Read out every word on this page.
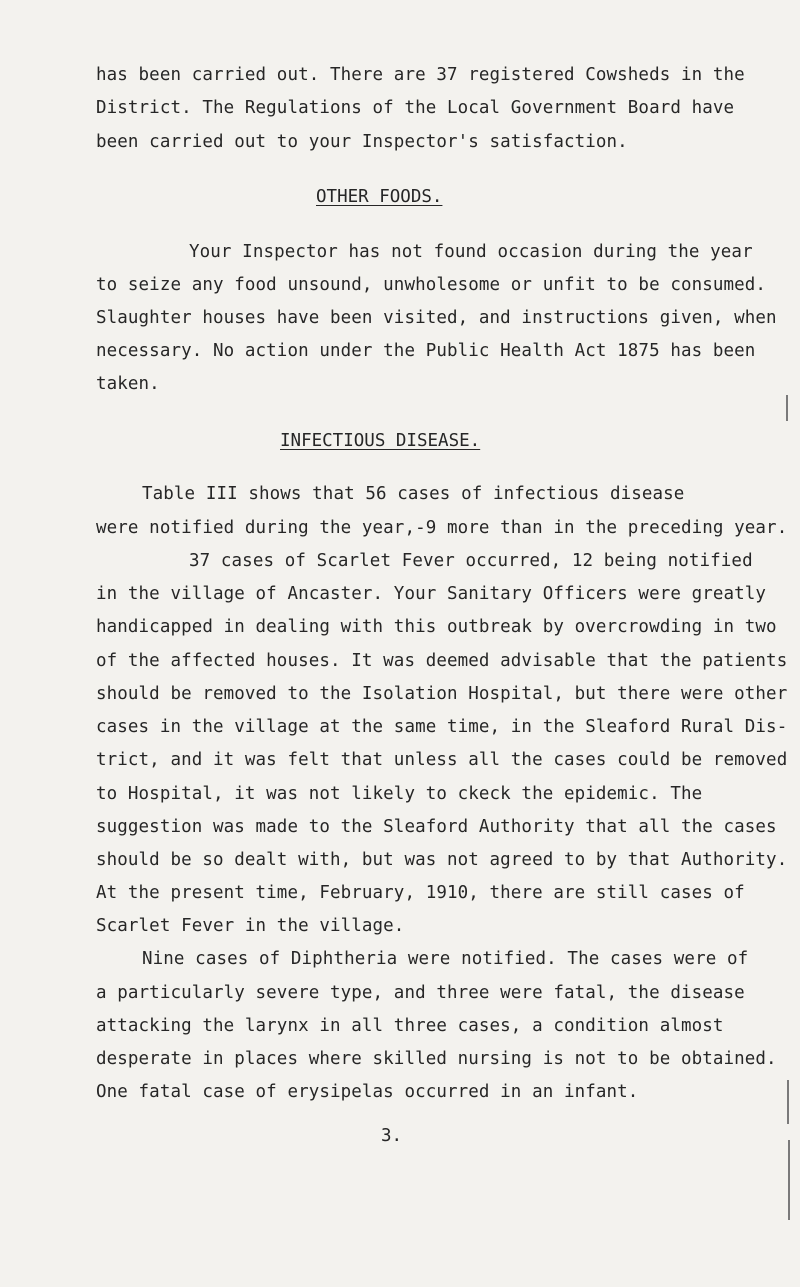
has been carried out. There are 37 registered Cowsheds in the
District. The Regulations of the Local Government Board have
been carried out to your Inspector's satisfaction.
OTHER FOODS.
Your Inspector has not found occasion during the year
to seize any food unsound, unwholesome or unfit to be consumed.
Slaughter houses have been visited, and instructions given, when
necessary. No action under the Public Health Act 1875 has been
taken.
INFECTIOUS DISEASE.
Table III shows that 56 cases of infectious disease
were notified during the year,-9 more than in the preceding year.
37 cases of Scarlet Fever occurred, 12 being notified
in the village of Ancaster. Your Sanitary Officers were greatly
handicapped in dealing with this outbreak by overcrowding in two
of the affected houses. It was deemed advisable that the patients
should be removed to the Isolation Hospital, but there were other
cases in the village at the same time, in the Sleaford Rural Dis-
trict, and it was felt that unless all the cases could be removed
to Hospital, it was not likely to ckeck the epidemic. The
suggestion was made to the Sleaford Authority that all the cases
should be so dealt with, but was not agreed to by that Authority.
At the present time, February, 1910, there are still cases of
Scarlet Fever in the village.
Nine cases of Diphtheria were notified. The cases were of
a particularly severe type, and three were fatal, the disease
attacking the larynx in all three cases, a condition almost
desperate in places where skilled nursing is not to be obtained.
One fatal case of erysipelas occurred in an infant.
3.
